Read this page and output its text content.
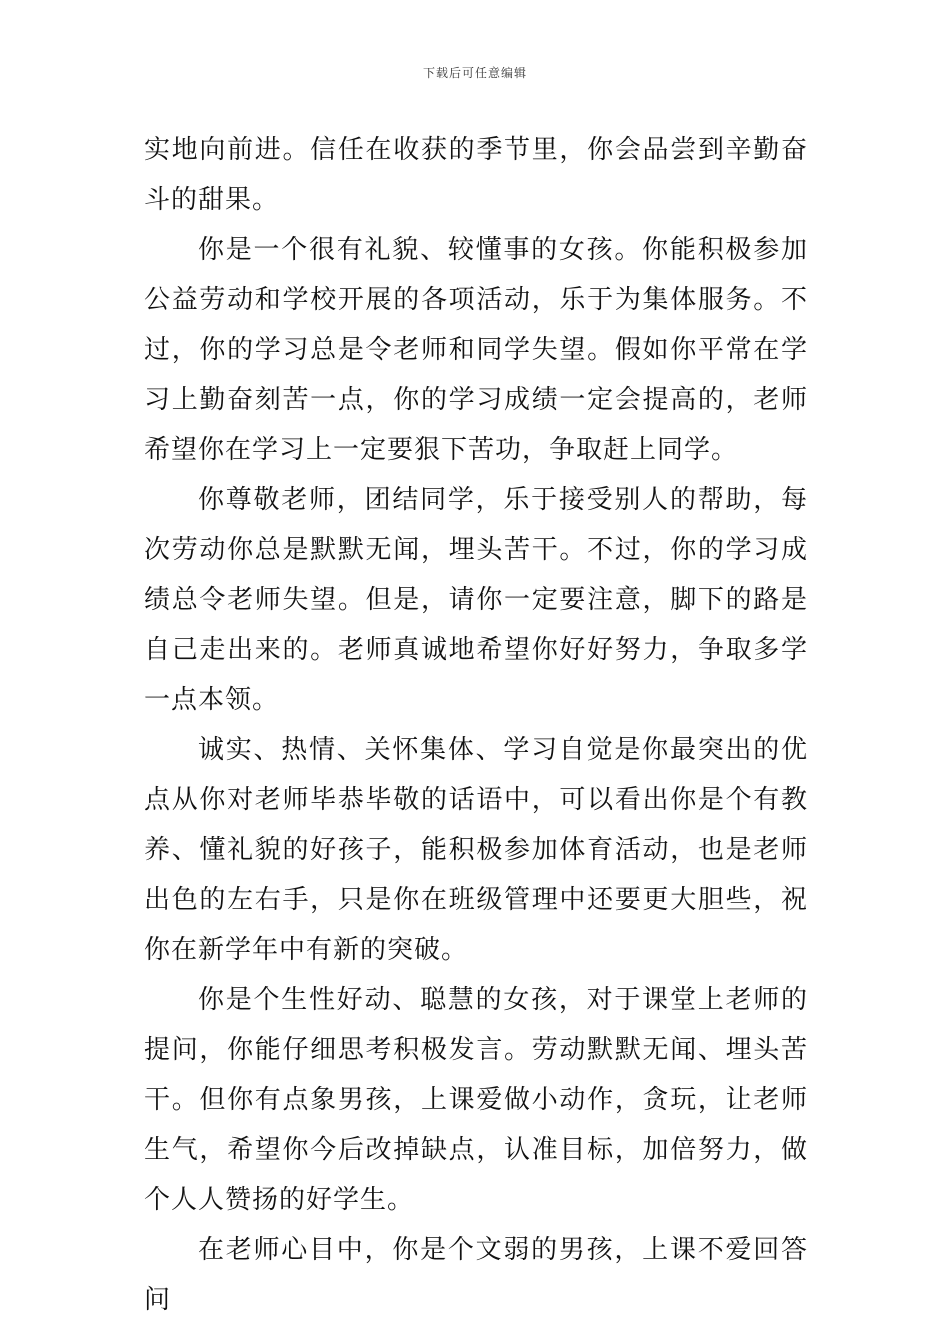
下载后可任意编辑

实地向前进。信任在收获的季节里，你会品尝到辛勤奋斗的甜果。

你是一个很有礼貌、较懂事的女孩。你能积极参加公益劳动和学校开展的各项活动，乐于为集体服务。不过，你的学习总是令老师和同学失望。假如你平常在学习上勤奋刻苦一点，你的学习成绩一定会提高的，老师希望你在学习上一定要狠下苦功，争取赶上同学。

你尊敬老师，团结同学，乐于接受别人的帮助，每次劳动你总是默默无闻，埋头苦干。不过，你的学习成绩总令老师失望。但是，请你一定要注意，脚下的路是自己走出来的。老师真诚地希望你好好努力，争取多学一点本领。

诚实、热情、关怀集体、学习自觉是你最突出的优点从你对老师毕恭毕敬的话语中，可以看出你是个有教养、懂礼貌的好孩子，能积极参加体育活动，也是老师出色的左右手，只是你在班级管理中还要更大胆些，祝你在新学年中有新的突破。

你是个生性好动、聪慧的女孩，对于课堂上老师的提问，你能仔细思考积极发言。劳动默默无闻、埋头苦干。但你有点象男孩，上课爱做小动作，贪玩，让老师生气，希望你今后改掉缺点，认准目标，加倍努力，做个人人赞扬的好学生。

在老师心目中，你是个文弱的男孩，上课不爱回答问
